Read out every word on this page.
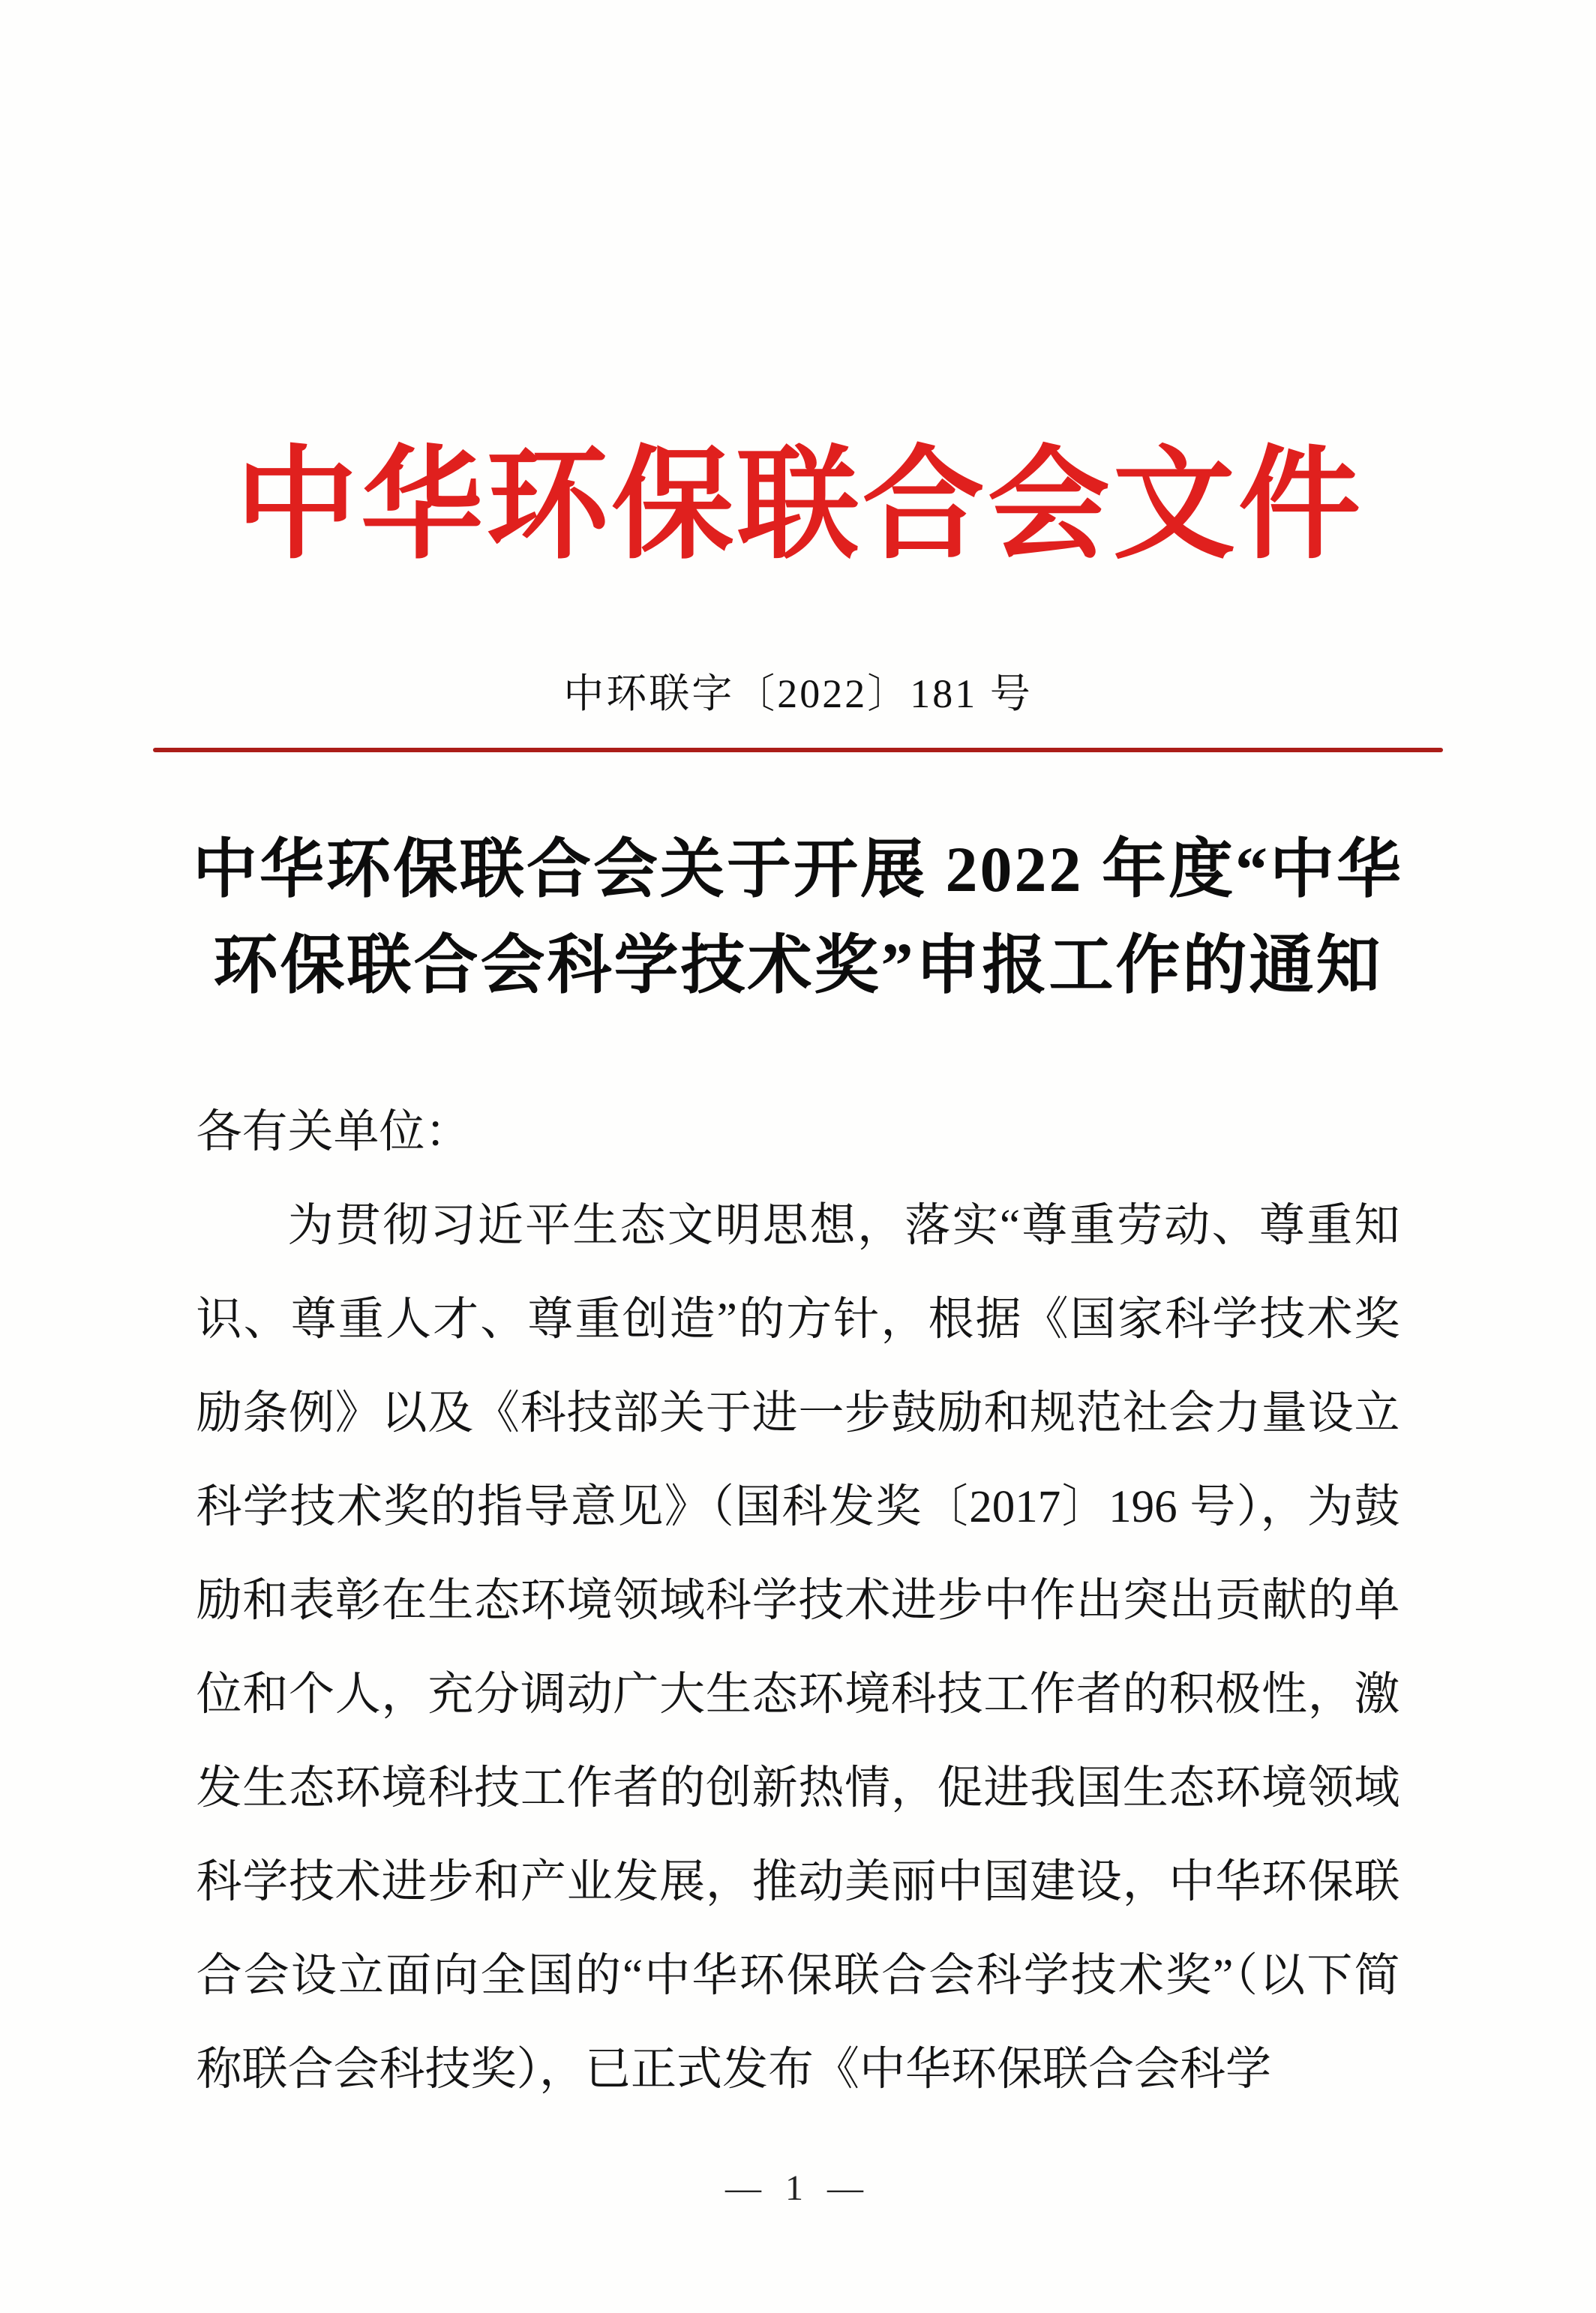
中华环保联合会文件
中环联字〔2022〕181 号
中华环保联合会关于开展 2022 年度“中华
环保联合会科学技术奖”申报工作的通知

各有关单位：

为贯彻习近平生态文明思想，落实“尊重劳动、尊重知识、尊重人才、尊重创造”的方针，根据《国家科学技术奖励条例》以及《科技部关于进一步鼓励和规范社会力量设立科学技术奖的指导意见》（国科发奖〔2017〕196 号），为鼓励和表彰在生态环境领域科学技术进步中作出突出贡献的单位和个人，充分调动广大生态环境科技工作者的积极性，激发生态环境科技工作者的创新热情，促进我国生态环境领域科学技术进步和产业发展，推动美丽中国建设，中华环保联合会设立面向全国的“中华环保联合会科学技术奖”（以下简称联合会科技奖），已正式发布《中华环保联合会科学

— 1 —
